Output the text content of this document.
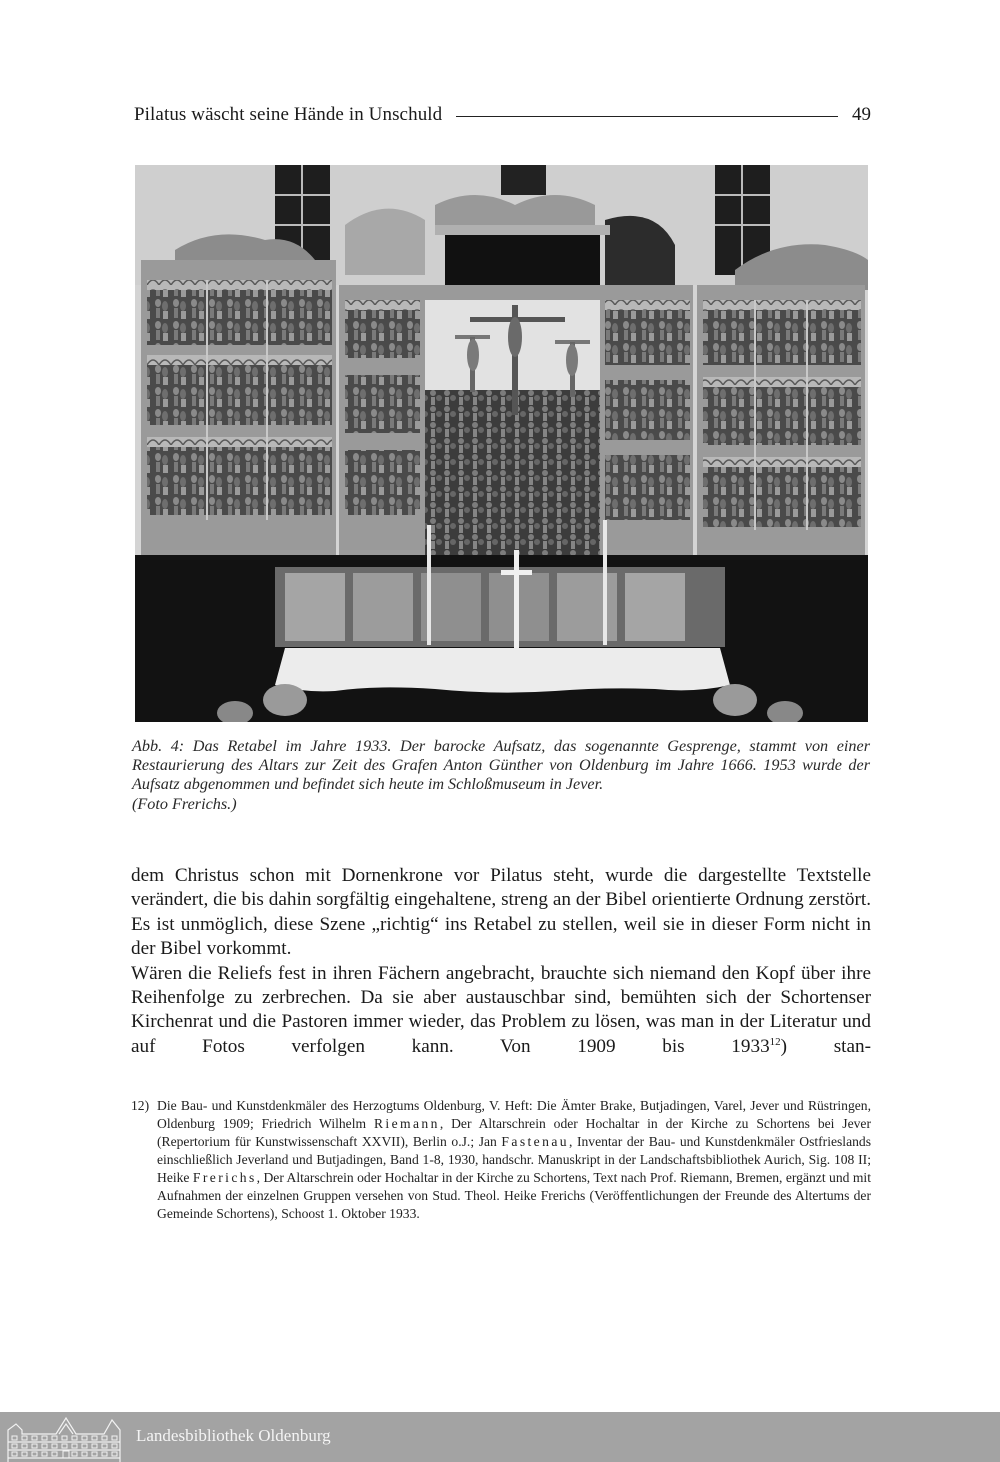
Pilatus wäscht seine Hände in Unschuld	49
Abb. 4: Das Retabel im Jahre 1933. Der barocke Aufsatz, das sogenannte Gesprenge, stammt von einer Restaurierung des Altars zur Zeit des Grafen Anton Günther von Oldenburg im Jahre 1666. 1953 wurde der Aufsatz abgenommen und befindet sich heute im Schloßmuseum in Jever.
(Foto Frerichs.)

dem Christus schon mit Dornenkrone vor Pilatus steht, wurde die dargestellte Textstelle verändert, die bis dahin sorgfältig eingehaltene, streng an der Bibel orientierte Ordnung zerstört. Es ist unmöglich, diese Szene „richtig“ ins Retabel zu stellen, weil sie in dieser Form nicht in der Bibel vorkommt.

Wären die Reliefs fest in ihren Fächern angebracht, brauchte sich niemand den Kopf über ihre Reihenfolge zu zerbrechen. Da sie aber austauschbar sind, bemühten sich der Schortenser Kirchenrat und die Pastoren immer wieder, das Problem zu lösen, was man in der Literatur und auf Fotos verfolgen kann. Von 1909 bis 1933$^{12}$) stan-

12) Die Bau- und Kunstdenkmäler des Herzogtums Oldenburg, V. Heft: Die Ämter Brake, Butjadingen, Varel, Jever und Rüstringen, Oldenburg 1909; Friedrich Wilhelm Riemann, Der Altarschrein oder Hochaltar in der Kirche zu Schortens bei Jever (Repertorium für Kunstwissenschaft XXVII), Berlin o.J.; Jan Fastenau, Inventar der Bau- und Kunstdenkmäler Ostfrieslands einschließlich Jeverland und Butjadingen, Band 1-8, 1930, handschr. Manuskript in der Landschaftsbibliothek Aurich, Sig. 108 II; Heike Frerichs, Der Altarschrein oder Hochaltar in der Kirche zu Schortens, Text nach Prof. Riemann, Bremen, ergänzt und mit Aufnahmen der einzelnen Gruppen versehen von Stud. Theol. Heike Frerichs (Veröffentlichungen der Freunde des Altertums der Gemeinde Schortens), Schoost 1. Oktober 1933.
Landesbibliothek Oldenburg
